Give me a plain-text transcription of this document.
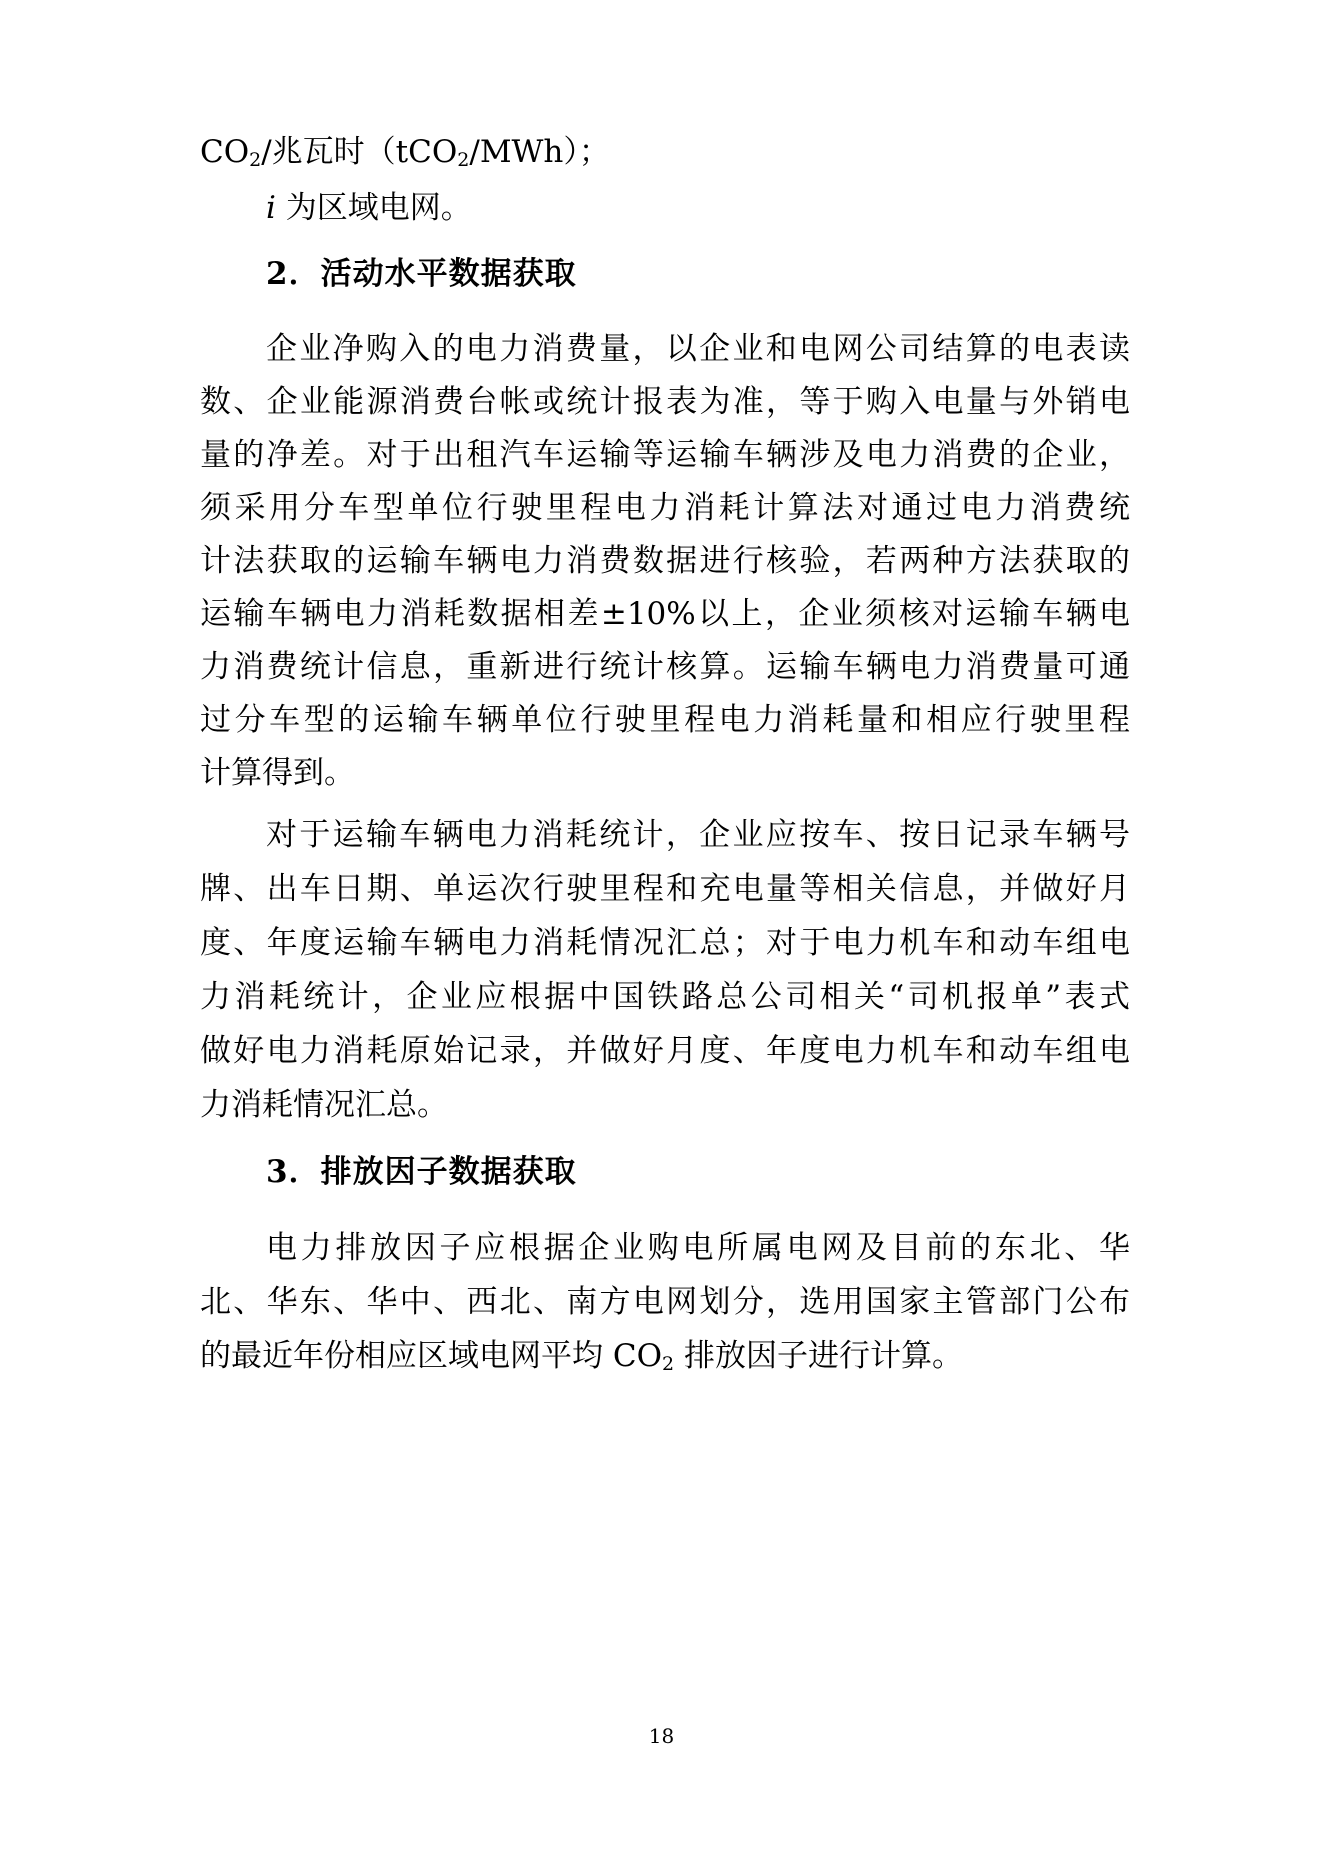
$CO_2/$兆瓦时（tCO$_2$/MWh）；
i 为区域电网。
2．活动水平数据获取
企业净购入的电力消费量，以企业和电网公司结算的电表读
数、企业能源消费台帐或统计报表为准，等于购入电量与外销电
量的净差。对于出租汽车运输等运输车辆涉及电力消费的企业，
须采用分车型单位行驶里程电力消耗计算法对通过电力消费统
计法获取的运输车辆电力消费数据进行核验，若两种方法获取的
运输车辆电力消耗数据相差±10%以上，企业须核对运输车辆电
力消费统计信息，重新进行统计核算。运输车辆电力消费量可通
过分车型的运输车辆单位行驶里程电力消耗量和相应行驶里程
计算得到。
对于运输车辆电力消耗统计，企业应按车、按日记录车辆号
牌、出车日期、单运次行驶里程和充电量等相关信息，并做好月
度、年度运输车辆电力消耗情况汇总；对于电力机车和动车组电
力消耗统计，企业应根据中国铁路总公司相关“司机报单”表式
做好电力消耗原始记录，并做好月度、年度电力机车和动车组电
力消耗情况汇总。
3．排放因子数据获取
电力排放因子应根据企业购电所属电网及目前的东北、华
北、华东、华中、西北、南方电网划分，选用国家主管部门公布
的最近年份相应区域电网平均 $CO_2$ 排放因子进行计算。
18
